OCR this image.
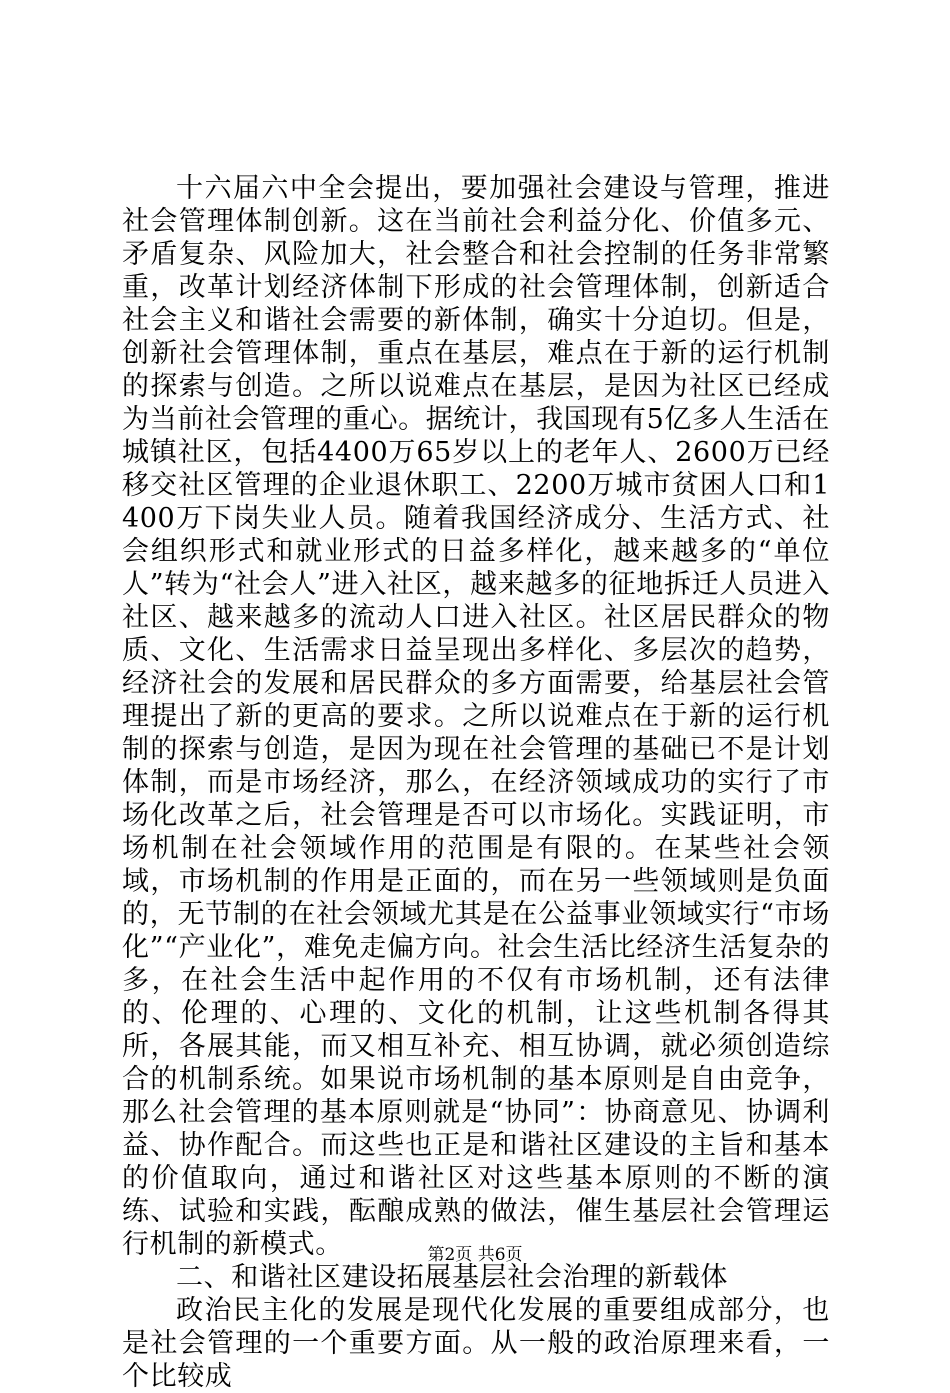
十六届六中全会提出，要加强社会建设与管理，推进社会管理体制创新。这在当前社会利益分化、价值多元、矛盾复杂、风险加大，社会整合和社会控制的任务非常繁重，改革计划经济体制下形成的社会管理体制，创新适合社会主义和谐社会需要的新体制，确实十分迫切。但是，创新社会管理体制，重点在基层，难点在于新的运行机制的探索与创造。之所以说难点在基层，是因为社区已经成为当前社会管理的重心。据统计，我国现有5亿多人生活在城镇社区，包括4400万65岁以上的老年人、2600万已经移交社区管理的企业退休职工、2200万城市贫困人口和1400万下岗失业人员。随着我国经济成分、生活方式、社会组织形式和就业形式的日益多样化，越来越多的“单位人”转为“社会人”进入社区，越来越多的征地拆迁人员进入社区、越来越多的流动人口进入社区。社区居民群众的物质、文化、生活需求日益呈现出多样化、多层次的趋势，经济社会的发展和居民群众的多方面需要，给基层社会管理提出了新的更高的要求。之所以说难点在于新的运行机制的探索与创造，是因为现在社会管理的基础已不是计划体制，而是市场经济，那么，在经济领域成功的实行了市场化改革之后，社会管理是否可以市场化。实践证明，市场机制在社会领域作用的范围是有限的。在某些社会领域，市场机制的作用是正面的，而在另一些领域则是负面的，无节制的在社会领域尤其是在公益事业领域实行“市场化”“产业化”，难免走偏方向。社会生活比经济生活复杂的多，在社会生活中起作用的不仅有市场机制，还有法律的、伦理的、心理的、文化的机制，让这些机制各得其所，各展其能，而又相互补充、相互协调，就必须创造综合的机制系统。如果说市场机制的基本原则是自由竞争，那么社会管理的基本原则就是“协同”：协商意见、协调利益、协作配合。而这些也正是和谐社区建设的主旨和基本的价值取向，通过和谐社区对这些基本原则的不断的演练、试验和实践，酝酿成熟的做法，催生基层社会管理运行机制的新模式。

二、和谐社区建设拓展基层社会治理的新载体

政治民主化的发展是现代化发展的重要组成部分，也是社会管理的一个重要方面。从一般的政治原理来看，一个比较成

第2页 共6页
